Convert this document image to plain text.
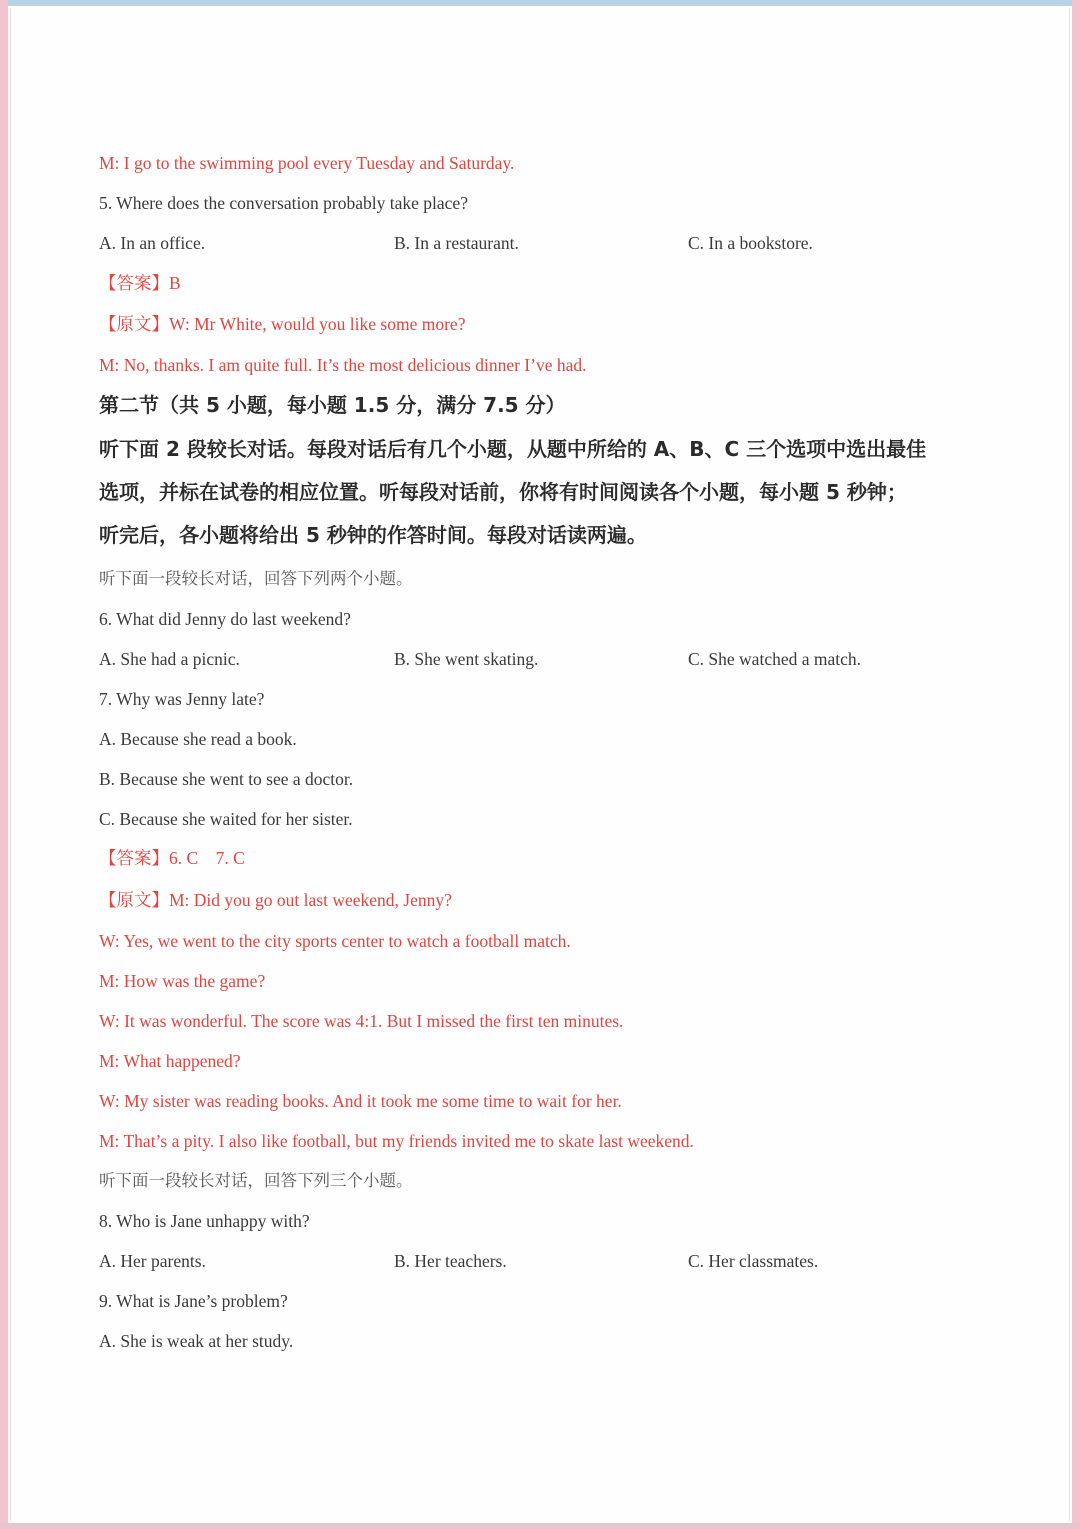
M: I go to the swimming pool every Tuesday and Saturday.
5. Where does the conversation probably take place?
A. In an office.	B. In a restaurant.	C. In a bookstore.
【答案】B
【原文】W: Mr White, would you like some more?
M: No, thanks. I am quite full. It’s the most delicious dinner I’ve had.
第二节（共 5 小题，每小题 1.5 分，满分 7.5 分）
听下面 2 段较长对话。每段对话后有几个小题，从题中所给的 A、B、C 三个选项中选出最佳
选项，并标在试卷的相应位置。听每段对话前，你将有时间阅读各个小题，每小题 5 秒钟；
听完后，各小题将给出 5 秒钟的作答时间。每段对话读两遍。
听下面一段较长对话，回答下列两个小题。
6. What did Jenny do last weekend?
A. She had a picnic.	B. She went skating.	C. She watched a match.
7. Why was Jenny late?
A. Because she read a book.
B. Because she went to see a doctor.
C. Because she waited for her sister.
【答案】6. C    7. C
【原文】M: Did you go out last weekend, Jenny?
W: Yes, we went to the city sports center to watch a football match.
M: How was the game?
W: It was wonderful. The score was 4:1. But I missed the first ten minutes.
M: What happened?
W: My sister was reading books. And it took me some time to wait for her.
M: That’s a pity. I also like football, but my friends invited me to skate last weekend.
听下面一段较长对话，回答下列三个小题。
8. Who is Jane unhappy with?
A. Her parents.	B. Her teachers.	C. Her classmates.
9. What is Jane’s problem?
A. She is weak at her study.
